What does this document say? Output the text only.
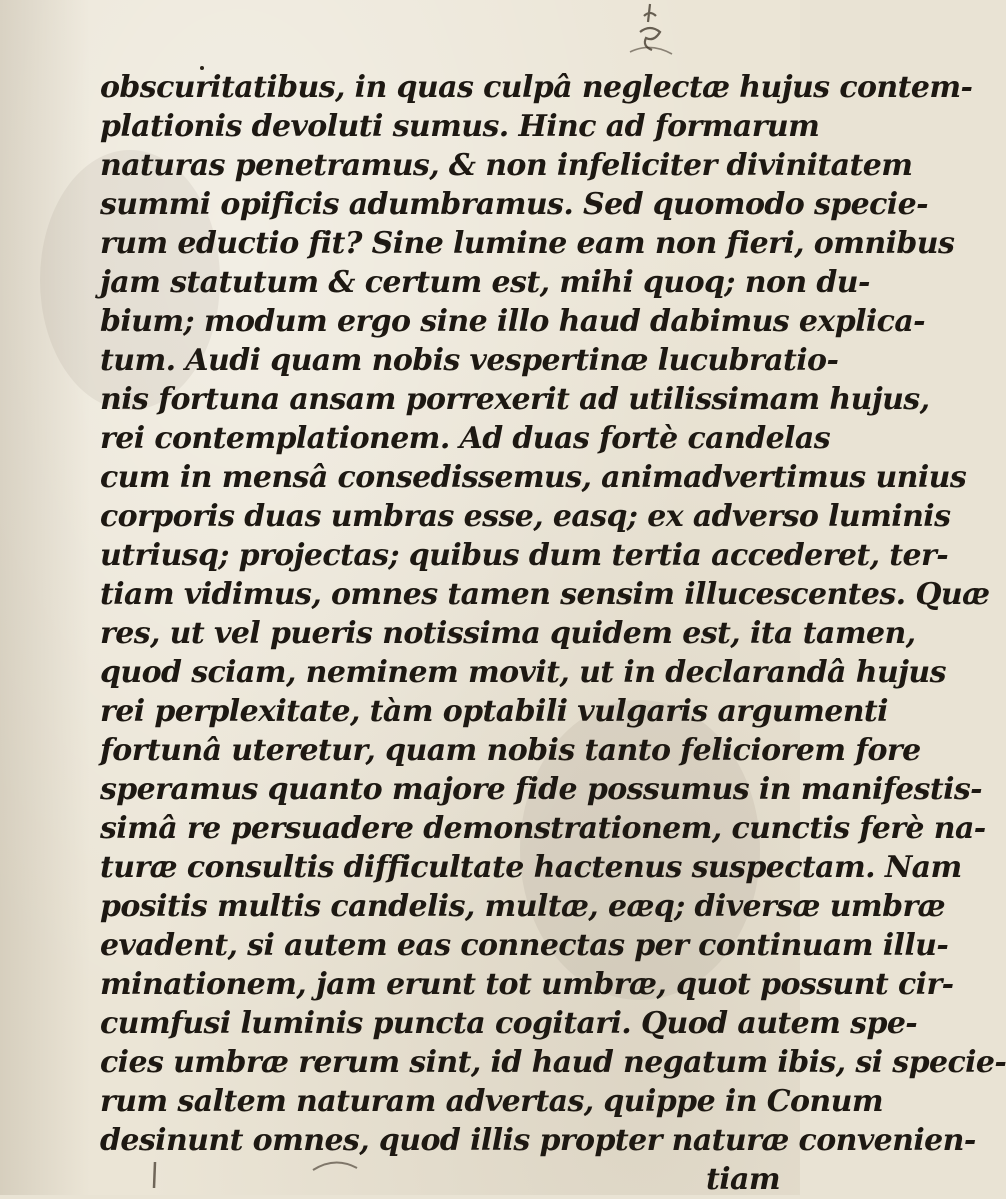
obscuritatibus, in quas culpâ neglectæ hujus contem-
plationis devoluti sumus. Hinc ad formarum
naturas penetramus, & non infeliciter divinitatem
summi opificis adumbramus. Sed quomodo specie-
rum eductio fit? Sine lumine eam non fieri, omnibus
jam statutum & certum est, mihi quoq; non du-
bium; modum ergo sine illo haud dabimus explica-
tum. Audi quam nobis vespertinæ lucubratio-
nis fortuna ansam porrexerit ad utilissimam hujus,
rei contemplationem. Ad duas fortè candelas
cum in mensâ consedissemus, animadvertimus unius
corporis duas umbras esse, easq; ex adverso luminis
utriusq; projectas; quibus dum tertia accederet, ter-
tiam vidimus, omnes tamen sensim illucescentes. Quæ
res, ut vel pueris notissima quidem est, ita tamen,
quod sciam, neminem movit, ut in declarandâ hujus
rei perplexitate, tàm optabili vulgaris argumenti
fortunâ uteretur, quam nobis tanto feliciorem fore
speramus quanto majore fide possumus in manifestis-
simâ re persuadere demonstrationem, cunctis ferè na-
turæ consultis difficultate hactenus suspectam. Nam
positis multis candelis, multæ, eæq; diversæ umbræ
evadent, si autem eas connectas per continuam illu-
minationem, jam erunt tot umbræ, quot possunt cir-
cumfusi luminis puncta cogitari. Quod autem spe-
cies umbræ rerum sint, id haud negatum ibis, si specie-
rum saltem naturam advertas, quippe in Conum
desinunt omnes, quod illis propter naturæ convenien-
tiam
